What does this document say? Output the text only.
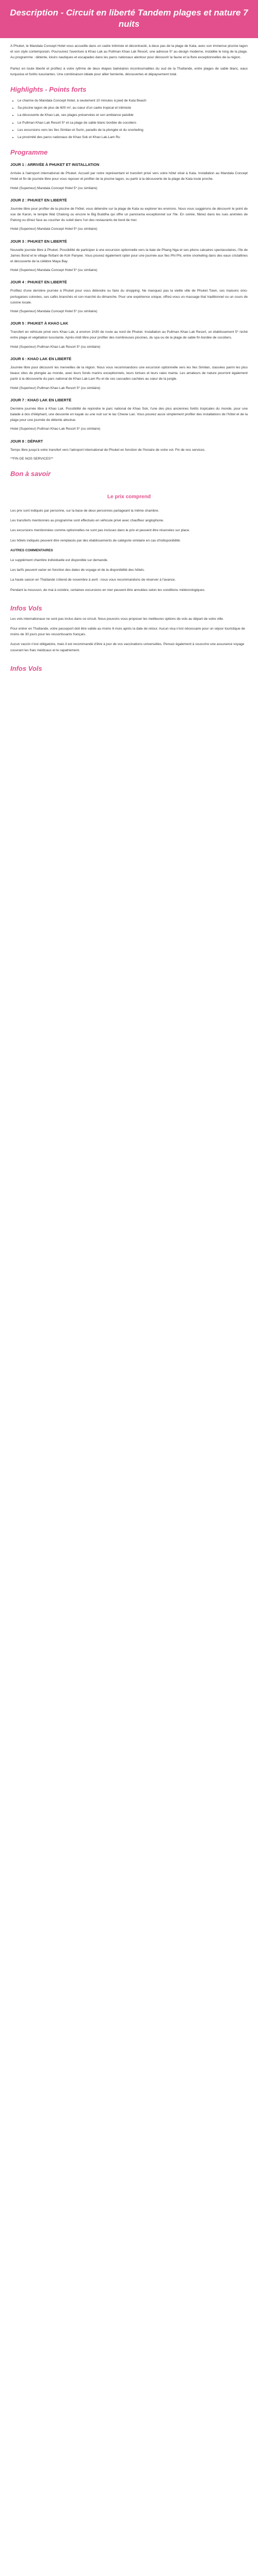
Description - Circuit en liberté Tandem plages et nature 7 nuits

A Phuket, le Mandala Concept Hotel vous accueille dans un cadre intimiste et décontracté, à deux pas de la plage de Kata, avec son immense piscine lagon et son style contemporain. Poursuivez l'aventure à Khao Lak au Pullman Khao Lak Resort, une adresse 5* au design moderne, installée le long de la plage. Au programme : détente, loisirs nautiques et escapades dans les parcs nationaux alentour pour découvrir la faune et la flore exceptionnelles de la région.

Partez en toute liberté et profitez à votre rythme de deux étapes balnéaires incontournables du sud de la Thaïlande, entre plages de sable blanc, eaux turquoise et forêts luxuriantes. Une combinaison idéale pour allier farniente, découvertes et dépaysement total.

Highlights - Points forts
• Le charme du Mandala Concept Hotel, à seulement 10 minutes à pied de Kata Beach
• Sa piscine lagon de plus de 600 m², au cœur d'un cadre tropical et intimiste
• La découverte de Khao Lak, ses plages préservées et son ambiance paisible
• Le Pullman Khao Lak Resort 5* et sa plage de sable blanc bordée de cocotiers
• Les excursions vers les îles Similan et Surin, paradis de la plongée et du snorkeling
• La proximité des parcs nationaux de Khao Sok et Khao Lak-Lam Ru
Programme
JOUR 1 : ARRIVÉE À PHUKET ET INSTALLATION

Arrivée à l'aéroport international de Phuket. Accueil par notre représentant et transfert privé vers votre hôtel situé à Kata. Installation au Mandala Concept Hotel et fin de journée libre pour vous reposer et profiter de la piscine lagon, ou partir à la découverte de la plage de Kata toute proche.

Hotel (Superieur) Mandala Concept Hotel 5* (ou similaire)

JOUR 2 : PHUKET EN LIBERTÉ

Journée libre pour profiter de la piscine de l'hôtel, vous détendre sur la plage de Kata ou explorer les environs. Nous vous suggérons de découvrir le point de vue de Karon, le temple Wat Chalong ou encore le Big Buddha qui offre un panorama exceptionnel sur l'île. En soirée, flânez dans les rues animées de Patong ou dînez face au coucher du soleil dans l'un des restaurants de bord de mer.

Hotel (Superieur) Mandala Concept Hotel 5* (ou similaire)

JOUR 3 : PHUKET EN LIBERTÉ

Nouvelle journée libre à Phuket. Possibilité de participer à une excursion optionnelle vers la baie de Phang Nga et ses pitons calcaires spectaculaires, l'île de James Bond et le village flottant de Koh Panyee. Vous pouvez également opter pour une journée aux îles Phi Phi, entre snorkeling dans des eaux cristallines et découverte de la célèbre Maya Bay.

Hotel (Superieur) Mandala Concept Hotel 5* (ou similaire)

JOUR 4 : PHUKET EN LIBERTÉ

Profitez d'une dernière journée à Phuket pour vous détendre ou faire du shopping. Ne manquez pas la vieille ville de Phuket Town, ses maisons sino-portugaises colorées, ses cafés branchés et son marché du dimanche. Pour une expérience unique, offrez-vous un massage thaï traditionnel ou un cours de cuisine locale.

Hotel (Superieur) Mandala Concept Hotel 5* (ou similaire)

JOUR 5 : PHUKET À KHAO LAK

Transfert en véhicule privé vers Khao Lak, à environ 1h30 de route au nord de Phuket. Installation au Pullman Khao Lak Resort, un établissement 5* niché entre plage et végétation luxuriante. Après-midi libre pour profiter des nombreuses piscines, du spa ou de la plage de sable fin bordée de cocotiers.

Hotel (Superieur) Pullman Khao Lak Resort 5* (ou similaire)

JOUR 6 : KHAO LAK EN LIBERTÉ

Journée libre pour découvrir les merveilles de la région. Nous vous recommandons une excursion optionnelle vers les îles Similan, classées parmi les plus beaux sites de plongée au monde, avec leurs fonds marins exceptionnels, leurs tortues et leurs raies manta. Les amateurs de nature pourront également partir à la découverte du parc national de Khao Lak-Lam Ru et de ses cascades cachées au cœur de la jungle.

Hotel (Superieur) Pullman Khao Lak Resort 5* (ou similaire)

JOUR 7 : KHAO LAK EN LIBERTÉ

Dernière journée libre à Khao Lak. Possibilité de rejoindre le parc national de Khao Sok, l'une des plus anciennes forêts tropicales du monde, pour une balade à dos d'éléphant, une descente en kayak ou une nuit sur le lac Cheow Lan. Vous pouvez aussi simplement profiter des installations de l'hôtel et de la plage pour une journée de détente absolue.

Hotel (Superieur) Pullman Khao Lak Resort 5* (ou similaire)

JOUR 8 : DÉPART

Temps libre jusqu'à votre transfert vers l'aéroport international de Phuket en fonction de l'horaire de votre vol. Fin de nos services.

**FIN DE NOS SERVICES**

Bon à savoir
Le prix comprend

Les prix sont indiqués par personne, sur la base de deux personnes partageant la même chambre.

Les transferts mentionnés au programme sont effectués en véhicule privé avec chauffeur anglophone.

Les excursions mentionnées comme optionnelles ne sont pas incluses dans le prix et peuvent être réservées sur place.

Les hôtels indiqués peuvent être remplacés par des établissements de catégorie similaire en cas d'indisponibilité.

AUTRES COMMENTAIRES

Le supplément chambre individuelle est disponible sur demande.

Les tarifs peuvent varier en fonction des dates de voyage et de la disponibilité des hôtels.

La haute saison en Thaïlande s'étend de novembre à avril : nous vous recommandons de réserver à l'avance.

Pendant la mousson, de mai à octobre, certaines excursions en mer peuvent être annulées selon les conditions météorologiques.

Infos Vols

Les vols internationaux ne sont pas inclus dans ce circuit. Nous pouvons vous proposer les meilleures options de vols au départ de votre ville.

Pour entrer en Thaïlande, votre passeport doit être valide au moins 6 mois après la date de retour. Aucun visa n'est nécessaire pour un séjour touristique de moins de 30 jours pour les ressortissants français.

Aucun vaccin n'est obligatoire, mais il est recommandé d'être à jour de vos vaccinations universelles. Pensez également à souscrire une assurance voyage couvrant les frais médicaux et le rapatriement.

Infos Vols
